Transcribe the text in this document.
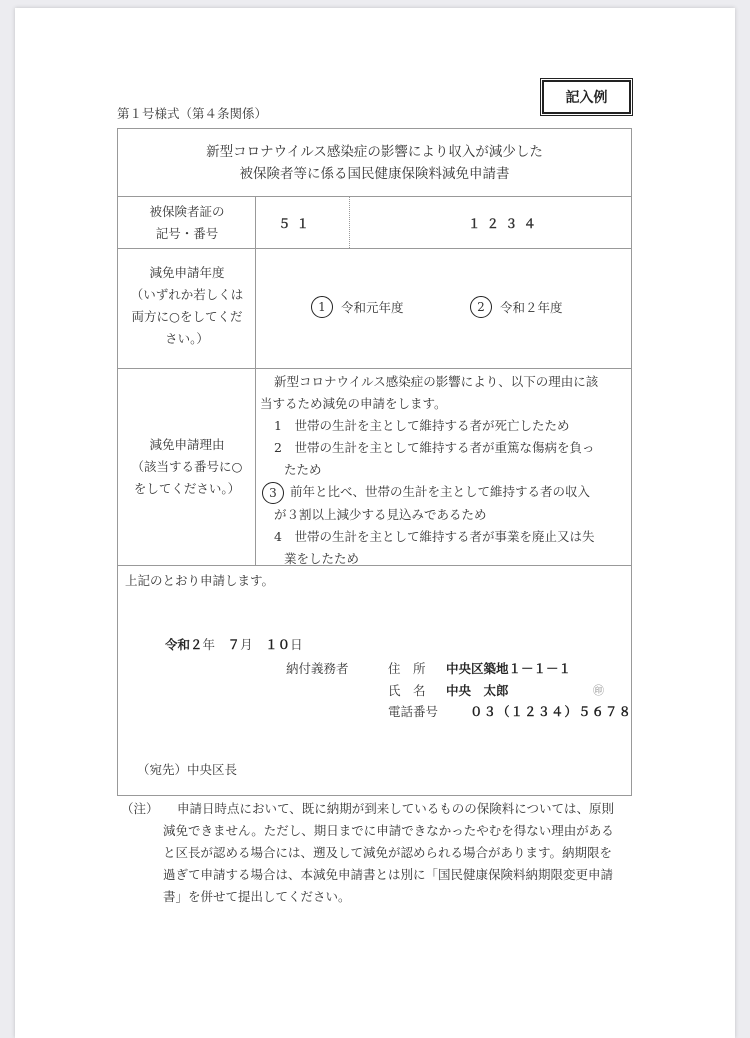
第１号様式（第４条関係）
記入例
新型コロナウイルス感染症の影響により収入が減少した
被保険者等に係る国民健康保険料減免申請書
被保険者証の
記号・番号
５１	１２３４
減免申請年度
（いずれか若しくは
両方に○をしてくだ
さい。）
1	令和元年度	2	令和２年度
減免申請理由
（該当する番号に○
をしてください。）

新型コロナウイルス感染症の影響により、以下の理由に該

当するため減免の申請をします。

1　 世帯の生計を主として維持する者が死亡したため

2　 世帯の生計を主として維持する者が重篤な傷病を負っ

たため

3 前年と比べ、世帯の生計を主として維持する者の収入

が３割以上減少する見込みであるため

4　 世帯の生計を主として維持する者が事業を廃止又は失

業をしたため

上記のとおり申請します。
令和２年　 ７月　 １０日
納付義務者	住　所 中央区築地１－１－１
氏　名 中央　太郎	㊞
電話番号	０３（１２３４）５６７８
（宛先）中央区長
（注）	申請日時点において、既に納期が到来しているものの保険料については、原則

減免できません。ただし、期日までに申請できなかったやむを得ない理由がある

と区長が認める場合には、遡及して減免が認められる場合があります。納期限を

過ぎて申請する場合は、本減免申請書とは別に「国民健康保険料納期限変更申請

書」を併せて提出してください。
